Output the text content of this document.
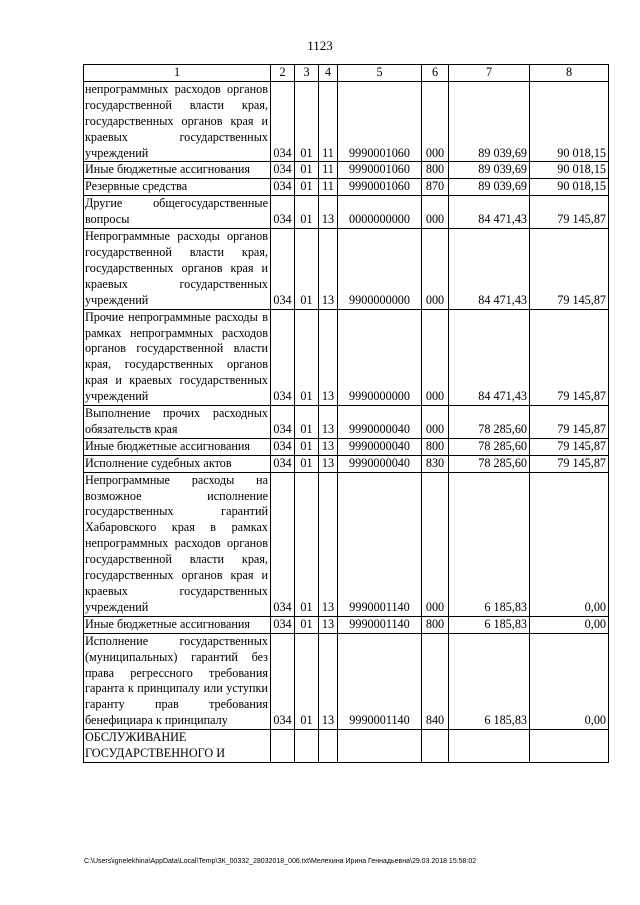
1123
1	2	3	4	5	6	7	8
непрограммных расходов органов государственной власти края, государственных органов края и краевых государственных учреждений	034	01	11	9990001060	000	89 039,69	90 018,15
Иные бюджетные ассигнования	034	01	11	9990001060	800	89 039,69	90 018,15
Резервные средства	034	01	11	9990001060	870	89 039,69	90 018,15
Другие общегосударственные вопросы	034	01	13	0000000000	000	84 471,43	79 145,87
Непрограммные расходы органов государственной власти края, государственных органов края и краевых государственных учреждений	034	01	13	9900000000	000	84 471,43	79 145,87
Прочие непрограммные расходы в рамках непрограммных расходов органов государственной власти края, государственных органов края и краевых государственных учреждений	034	01	13	9990000000	000	84 471,43	79 145,87
Выполнение прочих расходных обязательств края	034	01	13	9990000040	000	78 285,60	79 145,87
Иные бюджетные ассигнования	034	01	13	9990000040	800	78 285,60	79 145,87
Исполнение судебных актов	034	01	13	9990000040	830	78 285,60	79 145,87
Непрограммные расходы на возможное исполнение государственных гарантий Хабаровского края в рамках непрограммных расходов органов государственной власти края, государственных органов края и краевых государственных учреждений	034	01	13	9990001140	000	6 185,83	0,00
Иные бюджетные ассигнования	034	01	13	9990001140	800	6 185,83	0,00
Исполнение государственных (муниципальных) гарантий без права регрессного требования гаранта к принципалу или уступки гаранту прав требования бенефициара к принципалу	034	01	13	9990001140	840	6 185,83	0,00
ОБСЛУЖИВАНИЕ ГОСУДАРСТВЕННОГО И							
C:\Users\ignelekhina\AppData\Local\Temp\ЗК_00332_28032018_006.txt\Мелехина Ирина Геннадьевна\29.03.2018 15:58:02
